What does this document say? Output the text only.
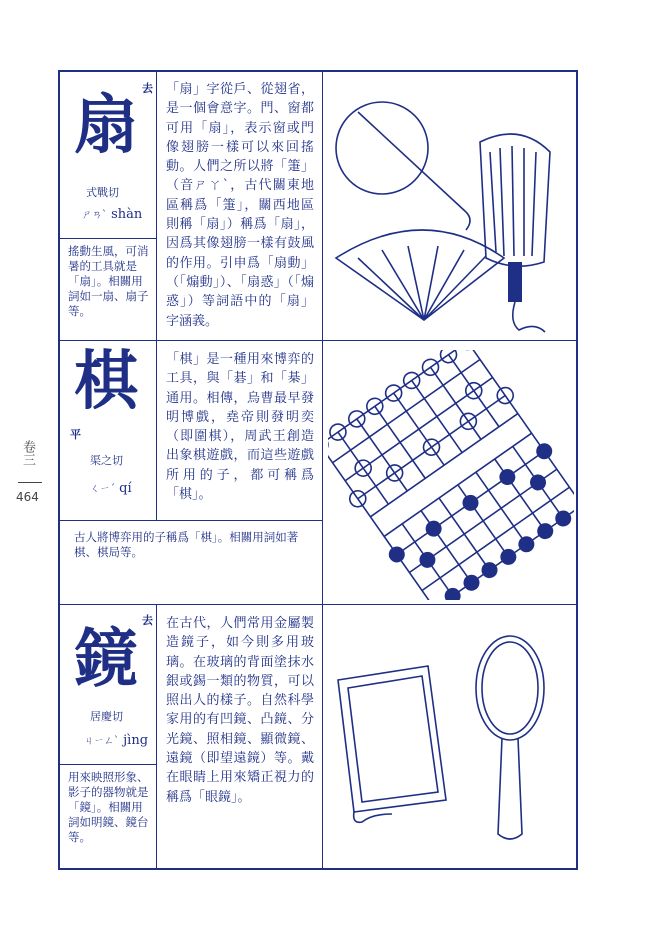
卷三
464
去
扇
式戰切
ㄕㄢˋ shàn
搖動生風，可消暑的工具就是「扇」。相關用詞如一扇、扇子等。
「扇」字從戶、從翅省，是一個會意字。門、窗都可用「扇」，表示窗或門像翅膀一樣可以來回搖動。人們之所以將「箑」（音ㄕㄚˋ，古代關東地區稱爲「箑」，關西地區則稱「扇」）稱爲「扇」，因爲其像翅膀一樣有鼓風的作用。引申爲「扇動」（「煽動」）、「扇惑」（「煽惑」）等詞語中的「扇」字涵義。
棋
平
渠之切
ㄑㄧˊ qí
「棋」是一種用來博弈的工具，與「碁」和「棊」通用。相傳，烏曹最早發明博戲，堯帝則發明奕（即圍棋），周武王創造出象棋遊戲，而這些遊戲所用的子，都可稱爲「棋」。
古人將博弈用的子稱爲「棋」。相關用詞如著棋、棋局等。
去
鏡
居慶切
ㄐㄧㄥˋ jìng
用來映照形象、影子的器物就是「鏡」。相關用詞如明鏡、鏡台等。
在古代，人們常用金屬製造鏡子，如今則多用玻璃。在玻璃的背面塗抹水銀或錫一類的物質，可以照出人的樣子。自然科學家用的有凹鏡、凸鏡、分光鏡、照相鏡、顯微鏡、遠鏡（即望遠鏡）等。戴在眼睛上用來矯正視力的稱爲「眼鏡」。
